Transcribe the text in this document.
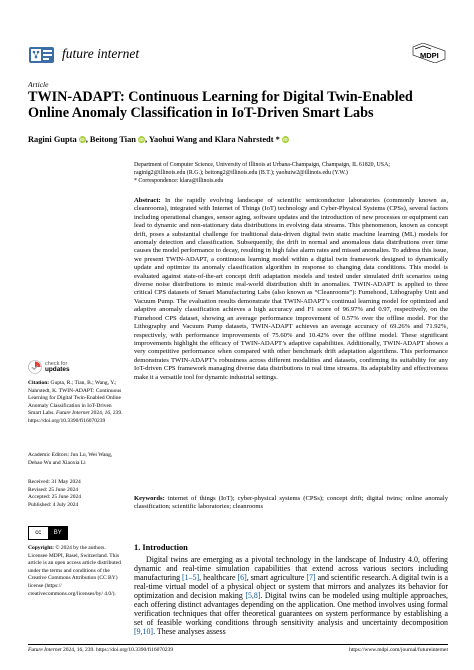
future internet	MDPI
Article
TWIN-ADAPT: Continuous Learning for Digital Twin-Enabled Online Anomaly Classification in IoT-Driven Smart Labs
Ragini Gupta iD, Beitong Tian iD, Yaohui Wang and Klara Nahrstedt * iD

Department of Computer Science, University of Illinois at Urbana-Champaign, Champaign, IL 61820, USA;

raginig2@illinois.edu (R.G.); beitong2@illinois.edu (B.T.); yaohuiw2@illinois.edu (Y.W.)

* Correspondence: klara@illinois.edu

Abstract: In the rapidly evolving landscape of scientific semiconductor laboratories (commonly known as, cleanrooms), integrated with Internet of Things (IoT) technology and Cyber-Physical Systems (CPSs), several factors including operational changes, sensor aging, software updates and the introduction of new processes or equipment can lead to dynamic and non-stationary data distributions in evolving data streams. This phenomenon, known as concept drift, poses a substantial challenge for traditional data-driven digital twin static machine learning (ML) models for anomaly detection and classification. Subsequently, the drift in normal and anomalous data distributions over time causes the model performance to decay, resulting in high false alarm rates and missed anomalies. To address this issue, we present TWIN-ADAPT, a continuous learning model within a digital twin framework designed to dynamically update and optimize its anomaly classification algorithm in response to changing data conditions. This model is evaluated against state-of-the-art concept drift adaptation models and tested under simulated drift scenarios using diverse noise distributions to mimic real-world distribution shift in anomalies. TWIN-ADAPT is applied to three critical CPS datasets of Smart Manufacturing Labs (also known as “Cleanrooms”): Fumehood, Lithography Unit and Vacuum Pump. The evaluation results demonstrate that TWIN-ADAPT’s continual learning model for optimized and adaptive anomaly classification achieves a high accuracy and F1 score of 96.97% and 0.97, respectively, on the Fumehood CPS dataset, showing an average performance improvement of 0.57% over the offline model. For the Lithography and Vacuum Pump datasets, TWIN-ADAPT achieves an average accuracy of 69.26% and 71.92%, respectively, with performance improvements of 75.60% and 10.42% over the offline model. These significant improvements highlight the efficacy of TWIN-ADAPT’s adaptive capabilities. Additionally, TWIN-ADAPT shows a very competitive performance when compared with other benchmark drift adaptation algorithms. This performance demonstrates TWIN-ADAPT’s robustness across different modalities and datasets, confirming its suitability for any IoT-driven CPS framework managing diverse data distributions in real time streams. Its adaptability and effectiveness make it a versatile tool for dynamic industrial settings.
Keywords: internet of things (IoT); cyber-physical systems (CPSs); concept drift; digital twins; online anomaly classification; scientific laboratories; cleanrooms
check for
updates
Citation: Gupta, R.; Tian, B.; Wang, Y.; Nahrstedt, K. TWIN-ADAPT: Continuous Learning for Digital Twin-Enabled Online Anomaly Classification in IoT-Driven Smart Labs. Future Internet 2024, 16, 239. https://doi.org/10.3390/fi16070239
Academic Editors: Jun Lu, Wei Wang, Dehao Wu and Xiaoxia Li

Received: 31 May 2024

Revised: 25 June 2024

Accepted: 25 June 2024

Published: 4 July 2024

cc	BY
Copyright: © 2024 by the authors. Licensee MDPI, Basel, Switzerland. This article is an open access article distributed under the terms and conditions of the Creative Commons Attribution (CC BY) license (https:// creativecommons.org/licenses/by/ 4.0/).
1. Introduction

Digital twins are emerging as a pivotal technology in the landscape of Industry 4.0, offering dynamic and real-time simulation capabilities that extend across various sectors including manufacturing [1–5], healthcare [6], smart agriculture [7] and scientific research. A digital twin is a real-time virtual model of a physical object or system that mirrors and analyzes its behavior for optimization and decision making [5,8]. Digital twins can be modeled using multiple approaches, each offering distinct advantages depending on the application. One method involves using formal verification techniques that offer theoretical guarantees on system performance by establishing a set of feasible working conditions through sensitivity analysis and uncertainty decomposition [9,10]. These analyses assess

Future Internet 2024, 16, 239. https://doi.org/10.3390/fi16070239	https://www.mdpi.com/journal/futureinternet
